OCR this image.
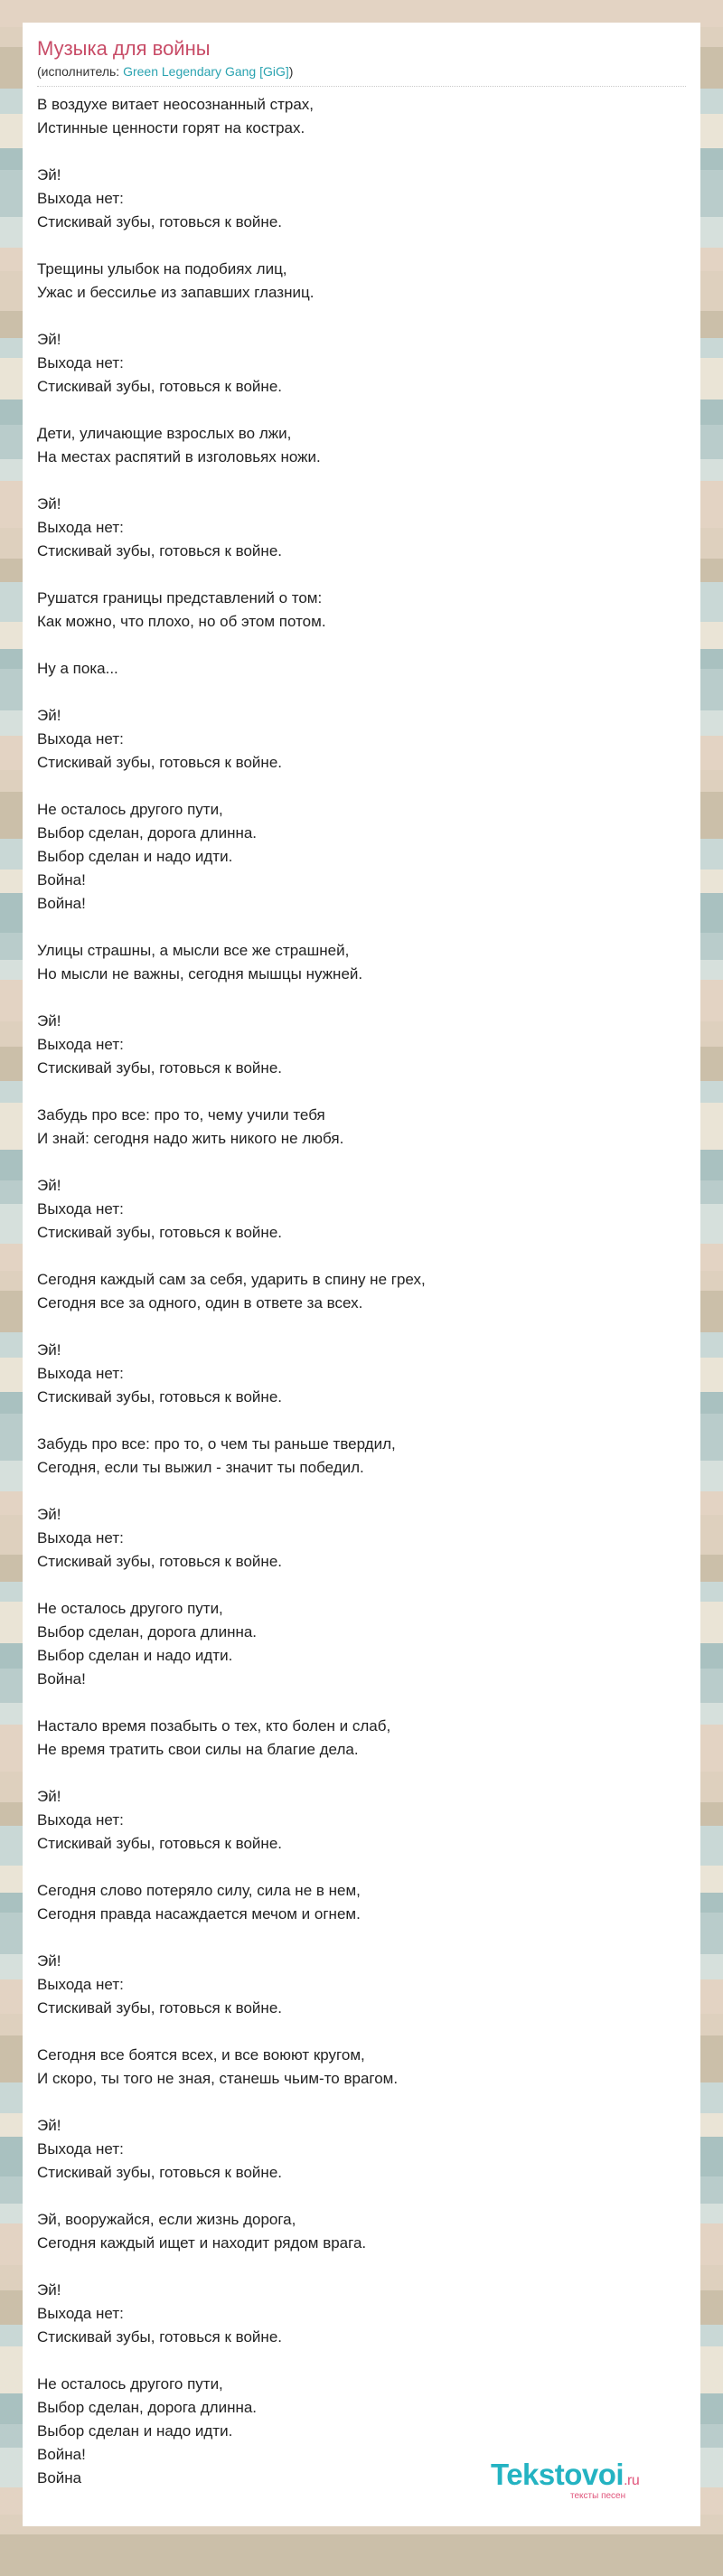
Музыка для войны
(исполнитель: Green Legendary Gang [GiG])
В воздухе витает неосознанный страх,
Истинные ценности горят на кострах.
Эй!
Выхода нет:
Стискивай зубы, готовься к войне.
Трещины улыбок на подобиях лиц,
Ужас и бессилье из запавших глазниц.
Эй!
Выхода нет:
Стискивай зубы, готовься к войне.
Дети, уличающие взрослых во лжи,
На местах распятий в изголовьях ножи.
Эй!
Выхода нет:
Стискивай зубы, готовься к войне.
Рушатся границы представлений о том:
Как можно, что плохо, но об этом потом.
Ну а пока...
Эй!
Выхода нет:
Стискивай зубы, готовься к войне.
Не осталось другого пути,
Выбор сделан, дорога длинна.
Выбор сделан и надо идти.
Война!
Война!
Улицы страшны, а мысли все же страшней,
Но мысли не важны, сегодня мышцы нужней.
Эй!
Выхода нет:
Стискивай зубы, готовься к войне.
Забудь про все: про то, чему учили тебя
И знай: сегодня надо жить никого не любя.
Эй!
Выхода нет:
Стискивай зубы, готовься к войне.
Сегодня каждый сам за себя, ударить в спину не грех,
Сегодня все за одного, один в ответе за всех.
Эй!
Выхода нет:
Стискивай зубы, готовься к войне.
Забудь про все: про то, о чем ты раньше твердил,
Сегодня, если ты выжил - значит ты победил.
Эй!
Выхода нет:
Стискивай зубы, готовься к войне.
Не осталось другого пути,
Выбор сделан, дорога длинна.
Выбор сделан и надо идти.
Война!
Настало время позабыть о тех, кто болен и слаб,
Не время тратить свои силы на благие дела.
Эй!
Выхода нет:
Стискивай зубы, готовься к войне.
Сегодня слово потеряло силу, сила не в нем,
Сегодня правда насаждается мечом и огнем.
Эй!
Выхода нет:
Стискивай зубы, готовься к войне.
Сегодня все боятся всех, и все воюют кругом,
И скоро, ты того не зная, станешь чьим-то врагом.
Эй!
Выхода нет:
Стискивай зубы, готовься к войне.
Эй, вооружайся, если жизнь дорога,
Сегодня каждый ищет и находит рядом врага.
Эй!
Выхода нет:
Стискивай зубы, готовься к войне.
Не осталось другого пути,
Выбор сделан, дорога длинна.
Выбор сделан и надо идти.
Война!
Война	Tekstovoi.ru
тексты песен
